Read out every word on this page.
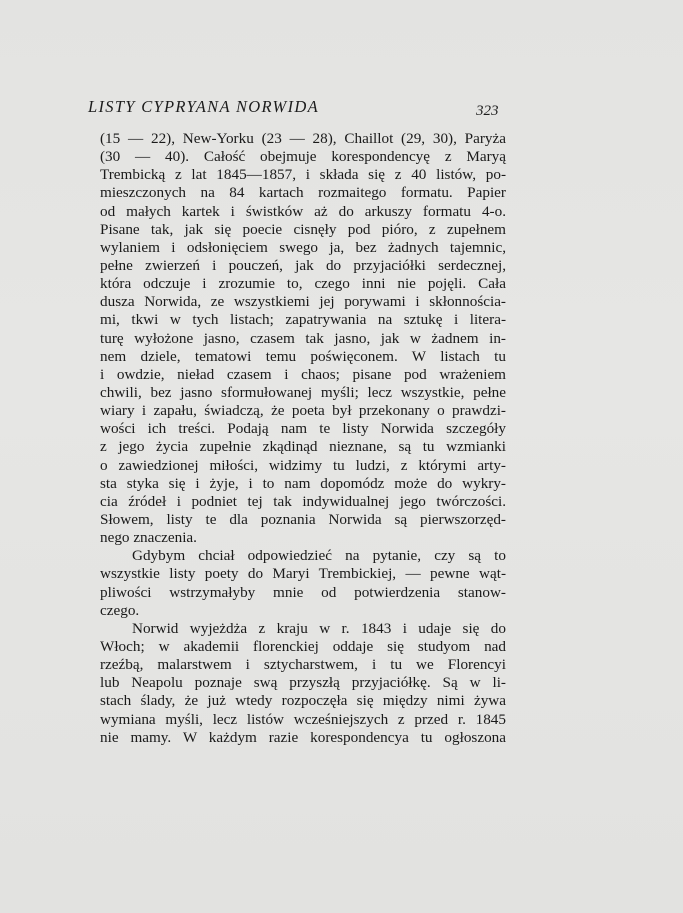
LISTY CYPRYANA NORWIDA	323
(15 — 22), New-Yorku (23 — 28), Chaillot (29, 30), Paryża
(30 — 40). Całość obejmuje korespondencyę z Maryą
Trembicką z lat 1845—1857, i składa się z 40 listów, po-
mieszczonych na 84 kartach rozmaitego formatu. Papier
od małych kartek i świstków aż do arkuszy formatu 4-o.
Pisane tak, jak się poecie cisnęły pod pióro, z zupełnem
wylaniem i odsłonięciem swego ja, bez żadnych tajemnic,
pełne zwierzeń i pouczeń, jak do przyjaciółki serdecznej,
która odczuje i zrozumie to, czego inni nie pojęli. Cała
dusza Norwida, ze wszystkiemi jej porywami i skłonnościa-
mi, tkwi w tych listach; zapatrywania na sztukę i litera-
turę wyłożone jasno, czasem tak jasno, jak w żadnem in-
nem dziele, tematowi temu poświęconem. W listach tu
i owdzie, nieład czasem i chaos; pisane pod wrażeniem
chwili, bez jasno sformułowanej myśli; lecz wszystkie, pełne
wiary i zapału, świadczą, że poeta był przekonany o prawdzi-
wości ich treści. Podają nam te listy Norwida szczegóły
z jego życia zupełnie zkądinąd nieznane, są tu wzmianki
o zawiedzionej miłości, widzimy tu ludzi, z którymi arty-
sta styka się i żyje, i to nam dopomódz może do wykry-
cia źródeł i podniet tej tak indywidualnej jego twórczości.
Słowem, listy te dla poznania Norwida są pierwszorzęd-
nego znaczenia.
Gdybym chciał odpowiedzieć na pytanie, czy są to
wszystkie listy poety do Maryi Trembickiej, — pewne wąt-
pliwości wstrzymałyby mnie od potwierdzenia stanow-
czego.
Norwid wyjeżdża z kraju w r. 1843 i udaje się do
Włoch; w akademii florenckiej oddaje się studyom nad
rzeźbą, malarstwem i sztycharstwem, i tu we Florencyi
lub Neapolu poznaje swą przyszłą przyjaciółkę. Są w li-
stach ślady, że już wtedy rozpoczęła się między nimi żywa
wymiana myśli, lecz listów wcześniejszych z przed r. 1845
nie mamy. W każdym razie korespondencya tu ogłoszona
